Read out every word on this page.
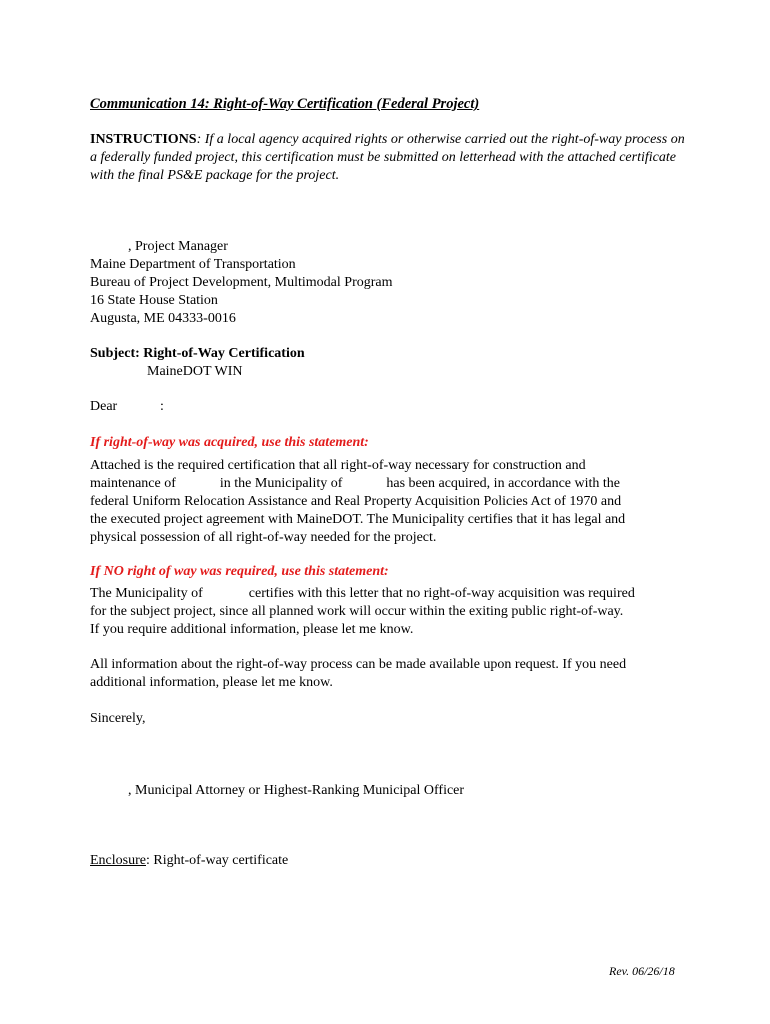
Communication 14: Right-of-Way Certification (Federal Project)
INSTRUCTIONS: If a local agency acquired rights or otherwise carried out the right-of-way process on a federally funded project, this certification must be submitted on letterhead with the attached certificate with the final PS&E package for the project.
, Project Manager
Maine Department of Transportation
Bureau of Project Development, Multimodal Program
16 State House Station
Augusta, ME 04333-0016
Subject: Right-of-Way Certification
MaineDOT WIN
Dear	:
If right-of-way was acquired, use this statement:
Attached is the required certification that all right-of-way necessary for construction and
maintenance of	in the Municipality of	has been acquired, in accordance with the
federal Uniform Relocation Assistance and Real Property Acquisition Policies Act of 1970 and
the executed project agreement with MaineDOT. The Municipality certifies that it has legal and
physical possession of all right-of-way needed for the project.
If NO right of way was required, use this statement:
The Municipality of	certifies with this letter that no right-of-way acquisition was required
for the subject project, since all planned work will occur within the exiting public right-of-way.
If you require additional information, please let me know.
All information about the right-of-way process can be made available upon request. If you need
additional information, please let me know.
Sincerely,
, Municipal Attorney or Highest-Ranking Municipal Officer
Enclosure: Right-of-way certificate
Rev. 06/26/18
